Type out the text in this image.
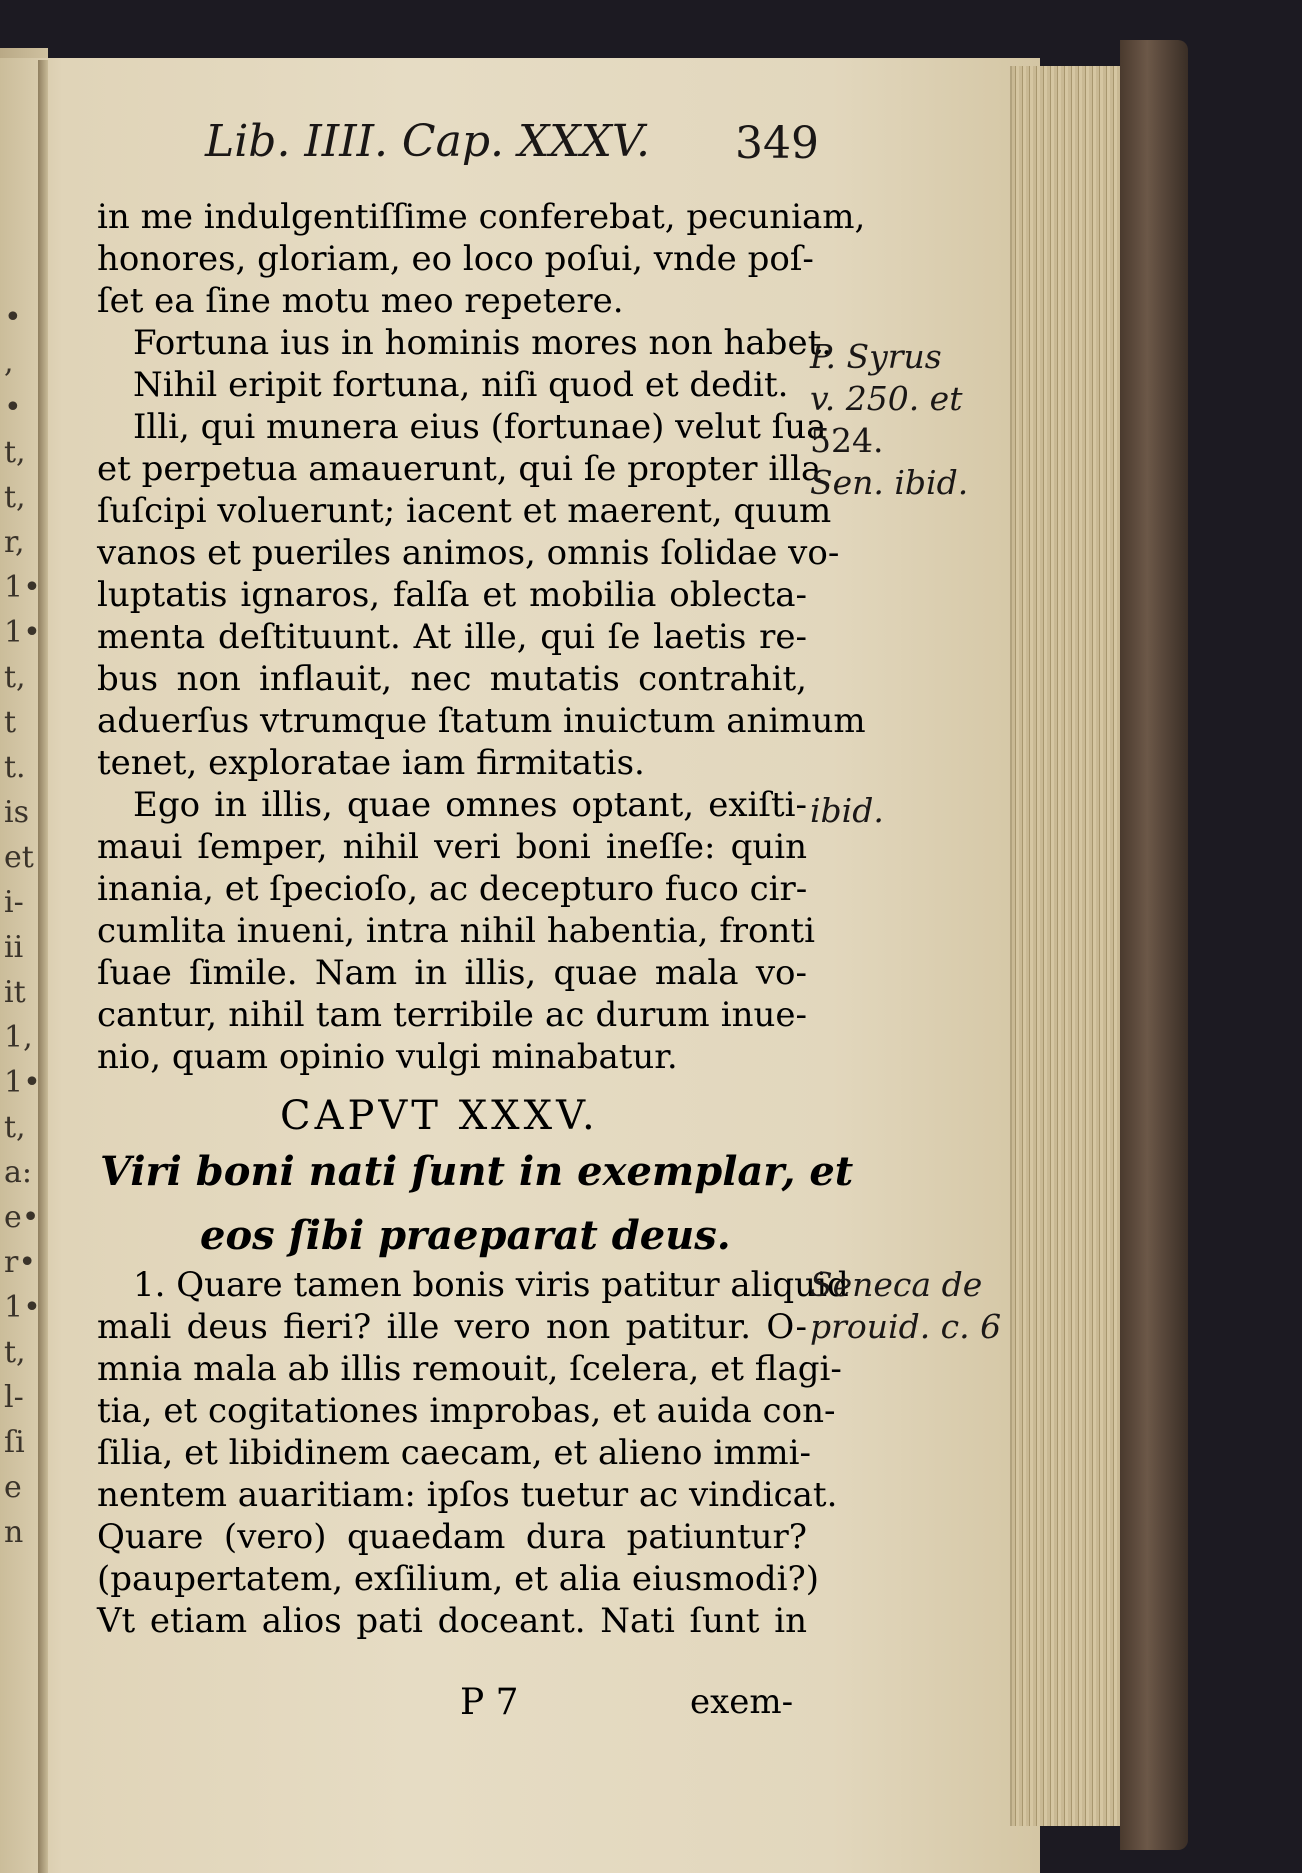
•
,
•
t,
t,
r,
1•
1•
t,
t
t.
is
et
i-
ii
it
1,
1•
t,
a:
e•
r•
1•
t,
l-
ſi
e
n
Lib. IIII. Cap. XXXV.	349
in me indulgentiſſime conferebat, pecuniam,
honores, gloriam, eo loco poſui, vnde poſ-
ſet ea ſine motu meo repetere.
Fortuna ius in hominis mores non habet.
Nihil eripit fortuna, niſi quod et dedit.
Illi, qui munera eius (fortunae) velut ſua
et perpetua amauerunt, qui ſe propter illa
ſuſcipi voluerunt; iacent et maerent, quum
vanos et pueriles animos, omnis ſolidae vo-
luptatis ignaros, falſa et mobilia oblecta-
menta deſtituunt. At ille, qui ſe laetis re-
bus non inflauit, nec mutatis contrahit,
aduerſus vtrumque ſtatum inuictum animum
tenet, exploratae iam firmitatis.
Ego in illis, quae omnes optant, exiſti-
maui ſemper, nihil veri boni ineſſe: quin
inania, et ſpecioſo, ac decepturo fuco cir-
cumlita inueni, intra nihil habentia, fronti
ſuae ſimile. Nam in illis, quae mala vo-
cantur, nihil tam terribile ac durum inue-
nio, quam opinio vulgi minabatur.
CAPVT XXXV.
Viri boni nati ſunt in exemplar, et
eos ſibi praeparat deus.
1. Quare tamen bonis viris patitur aliquid
mali deus fieri? ille vero non patitur. O-
mnia mala ab illis remouit, ſcelera, et flagi-
tia, et cogitationes improbas, et auida con-
ſilia, et libidinem caecam, et alieno immi-
nentem auaritiam: ipſos tuetur ac vindicat.
Quare (vero) quaedam dura patiuntur?
(paupertatem, exſilium, et alia eiusmodi?)
Vt etiam alios pati doceant. Nati ſunt in
P. Syrus
v. 250. et
524.
Sen. ibid.
ibid.
Seneca de
prouid. c. 6
P 7	exem-
